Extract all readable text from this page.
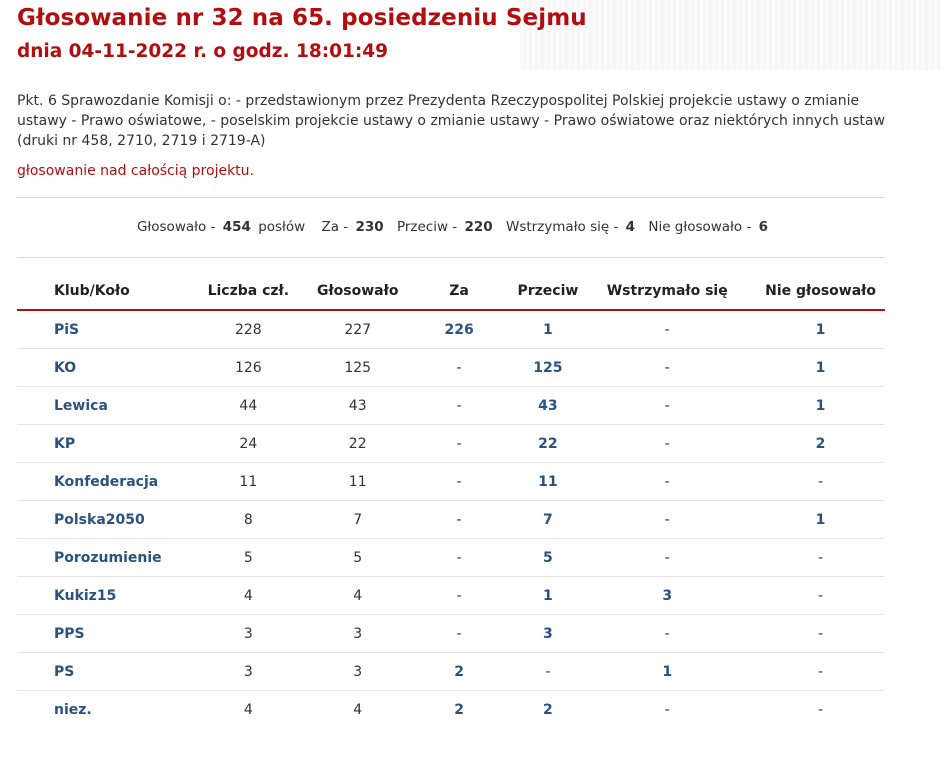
Głosowanie nr 32 na 65. posiedzeniu Sejmu
dnia 04-11-2022 r. o godz. 18:01:49
Pkt. 6 Sprawozdanie Komisji o: - przedstawionym przez Prezydenta Rzeczypospolitej Polskiej projekcie ustawy o zmianie ustawy - Prawo oświatowe, - poselskim projekcie ustawy o zmianie ustawy - Prawo oświatowe oraz niektórych innych ustaw (druki nr 458, 2710, 2719 i 2719-A)
głosowanie nad całością projektu.
Głosowało - 454 posłów Za - 230 Przeciw - 220 Wstrzymało się - 4 Nie głosowało - 6
Klub/Koło	Liczba czł.	Głosowało	Za	Przeciw	Wstrzymało się	Nie głosowało
PiS	228	227	226	1	-	1
KO	126	125	-	125	-	1
Lewica	44	43	-	43	-	1
KP	24	22	-	22	-	2
Konfederacja	11	11	-	11	-	-
Polska2050	8	7	-	7	-	1
Porozumienie	5	5	-	5	-	-
Kukiz15	4	4	-	1	3	-
PPS	3	3	-	3	-	-
PS	3	3	2	-	1	-
niez.	4	4	2	2	-	-
